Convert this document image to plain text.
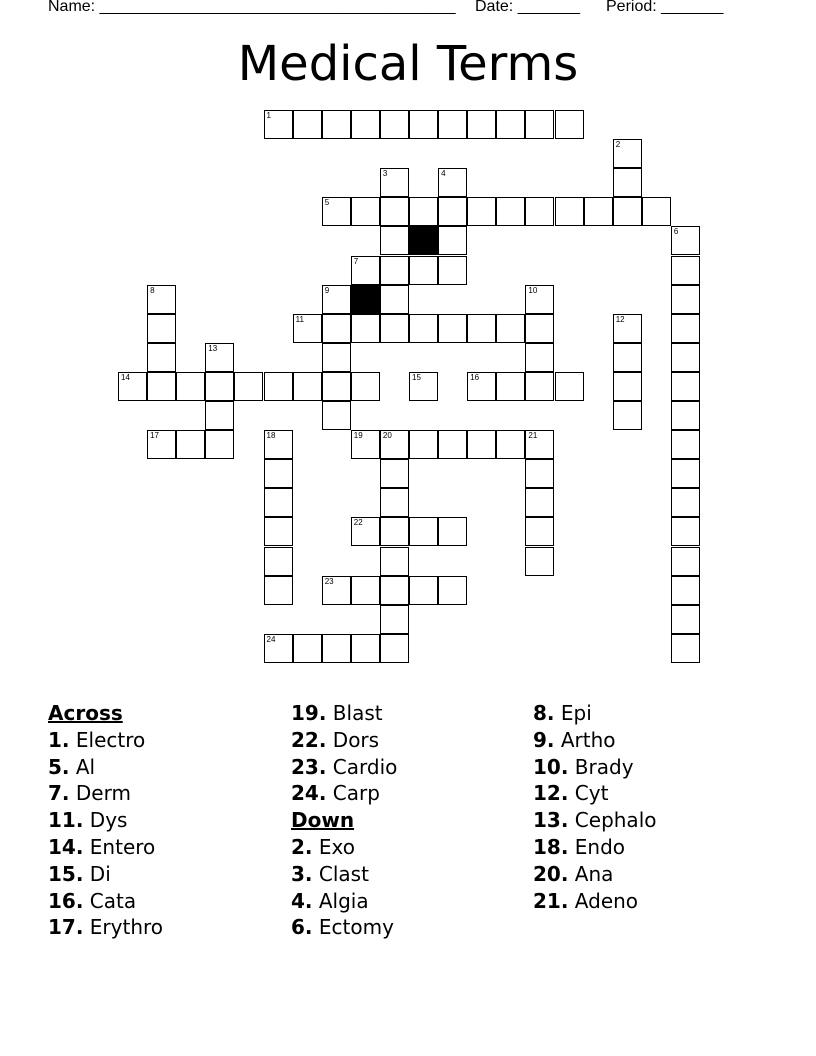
Name: ________________________________________ Date: _______ Period: _______
Medical Terms
1
2
3	4
5
6
7
8	9	10
11	12
13
14	15	16
17	18	19	20	21
22
23
24
Across
1. Electro
5. Al
7. Derm
11. Dys
14. Entero
15. Di
16. Cata
17. Erythro
19. Blast
22. Dors
23. Cardio
24. Carp
Down
2. Exo
3. Clast
4. Algia
6. Ectomy
8. Epi
9. Artho
10. Brady
12. Cyt
13. Cephalo
18. Endo
20. Ana
21. Adeno
